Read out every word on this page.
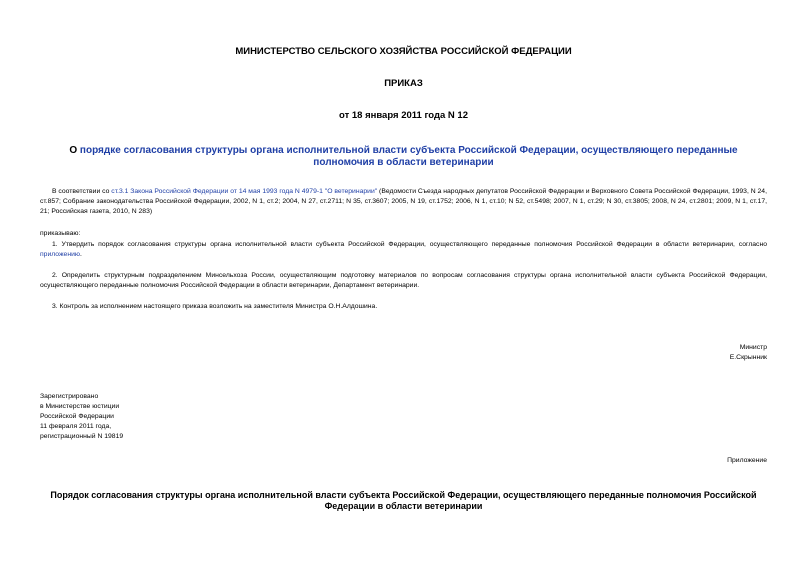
МИНИСТЕРСТВО СЕЛЬСКОГО ХОЗЯЙСТВА РОССИЙСКОЙ ФЕДЕРАЦИИ
ПРИКАЗ
от 18 января 2011 года N 12
О порядке согласования структуры органа исполнительной власти субъекта Российской Федерации, осуществляющего переданные полномочия в области ветеринарии
В соответствии со ст.3.1 Закона Российской Федерации от 14 мая 1993 года N 4979-1 "О ветеринарии" (Ведомости Съезда народных депутатов Российской Федерации и Верховного Совета Российской Федерации, 1993, N 24, ст.857; Собрание законодательства Российской Федерации, 2002, N 1, ст.2; 2004, N 27, ст.2711; N 35, ст.3607; 2005, N 19, ст.1752; 2006, N 1, ст.10; N 52, ст.5498; 2007, N 1, ст.29; N 30, ст.3805; 2008, N 24, ст.2801; 2009, N 1, ст.17, 21; Российская газета, 2010, N 283)
приказываю:
1. Утвердить порядок согласования структуры органа исполнительной власти субъекта Российской Федерации, осуществляющего переданные полномочия Российской Федерации в области ветеринарии, согласно приложению.
2. Определить структурным подразделением Минсельхоза России, осуществляющим подготовку материалов по вопросам согласования структуры органа исполнительной власти субъекта Российской Федерации, осуществляющего переданные полномочия Российской Федерации в области ветеринарии, Департамент ветеринарии.
3. Контроль за исполнением настоящего приказа возложить на заместителя Министра О.Н.Алдошина.
Министр
Е.Скрынник
Зарегистрировано
в Министерстве юстиции
Российской Федерации
11 февраля 2011 года,
регистрационный N 19819
Приложение
Порядок согласования структуры органа исполнительной власти субъекта Российской Федерации, осуществляющего переданные полномочия Российской Федерации в области ветеринарии
